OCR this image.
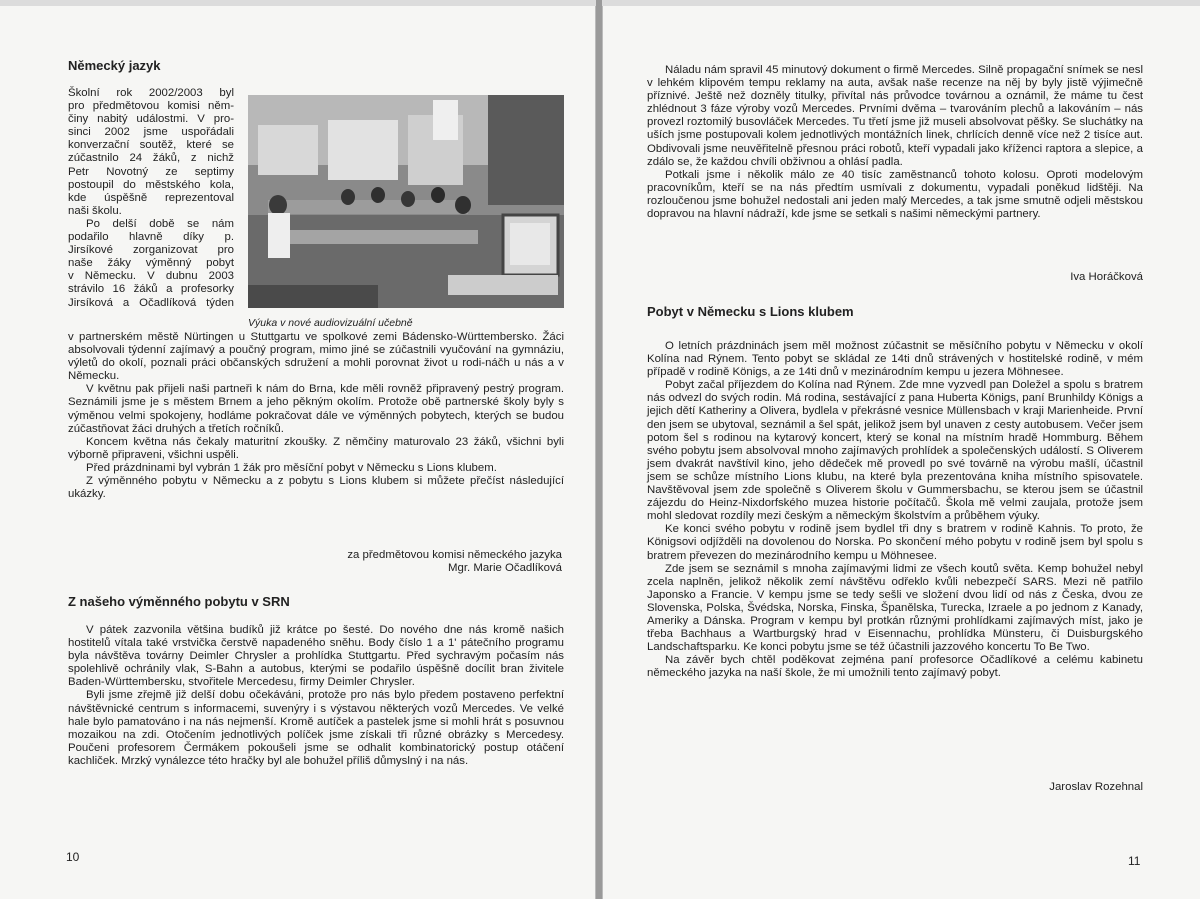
Německý jazyk

Školní rok 2002/2003 byl

pro předmětovou komisi něm-

činy nabitý událostmi. V pro-

sinci 2002 jsme uspořádali

konverzační soutěž, které se

zúčastnilo 24 žáků, z nichž

Petr Novotný ze septimy

postoupil do městského kola,

kde úspěšně reprezentoval

naši školu.

Po delší době se nám

podařilo hlavně díky p.

Jirsíkové zorganizovat pro

naše žáky výměnný pobyt

v Německu. V dubnu 2003

strávilo 16 žáků a profesorky

Jirsíková a Očadlíková týden

Výuka v nové audiovizuální učebně

v partnerském městě Nürtingen u Stuttgartu ve spolkové zemi Bádensko-Württembersko. Žáci absolvovali týdenní zajímavý a poučný program, mimo jiné se zúčastnili vyučování na gymnáziu, výletů do okolí, poznali práci občanských sdružení a mohli porovnat život u rodi-náčh u nás a v Německu.

V květnu pak přijeli naši partneři k nám do Brna, kde měli rovněž připravený pestrý program. Seznámili jsme je s městem Brnem a jeho pěkným okolím. Protože obě partnerské školy byly s výměnou velmi spokojeny, hodláme pokračovat dále ve výměnných pobytech, kterých se budou zúčastňovat žáci druhých a třetích ročníků.

Koncem května nás čekaly maturitní zkoušky. Z němčiny maturovalo 23 žáků, všichni byli výborně připraveni, všichni uspěli.

Před prázdninami byl vybrán 1 žák pro měsíční pobyt v Německu s Lions klubem.

Z výměnného pobytu v Německu a z pobytu s Lions klubem si můžete přečíst následující ukázky.

za předmětovou komisi německého jazyka
Mgr. Marie Očadlíková
Z našeho výměnného pobytu v SRN

V pátek zazvonila většina budíků již krátce po šesté. Do nového dne nás kromě našich hostitelů vítala také vrstvička čerstvě napadeného sněhu. Body číslo 1 a 1' pátečního programu byla návštěva továrny Deimler Chrysler a prohlídka Stuttgartu. Před sychravým počasím nás spolehlivě ochránily vlak, S-Bahn a autobus, kterými se podařilo úspěšně docílit bran živitele Baden-Württembersku, stvořitele Mercedesu, firmy Deimler Chrysler.

Byli jsme zřejmě již delší dobu očekáváni, protože pro nás bylo předem postaveno perfektní návštěvnické centrum s informacemi, suvenýry i s výstavou některých vozů Mercedes. Ve velké hale bylo pamatováno i na nás nejmenší. Kromě autíček a pastelek jsme si mohli hrát s posuvnou mozaikou na zdi. Otočením jednotlivých políček jsme získali tři různé obrázky s Mercedesy. Poučeni profesorem Čermákem pokoušeli jsme se odhalit kombinatorický postup otáčení kachliček. Mrzký vynálezce této hračky byl ale bohužel příliš důmyslný i na nás.

10

Náladu nám spravil 45 minutový dokument o firmě Mercedes. Silně propagační snímek se nesl v lehkém klipovém tempu reklamy na auta, avšak naše recenze na něj by byly jistě výjimečně příznivé. Ještě než dozněly titulky, přivítal nás průvodce továrnou a oznámil, že máme tu čest zhlédnout 3 fáze výroby vozů Mercedes. Prvními dvěma – tvarováním plechů a lakováním – nás provezl roztomilý busovláček Mercedes. Tu třetí jsme již museli absolvovat pěšky. Se sluchátky na uších jsme postupovali kolem jednotlivých montážních linek, chrlících denně více než 2 tisíce aut. Obdivovali jsme neuvěřitelně přesnou práci robotů, kteří vypadali jako kříženci raptora a slepice, a zdálo se, že každou chvíli obživnou a ohlásí padla.

Potkali jsme i několik málo ze 40 tisíc zaměstnanců tohoto kolosu. Oproti modelovým pracovníkům, kteří se na nás předtím usmívali z dokumentu, vypadali poněkud lidštěji. Na rozloučenou jsme bohužel nedostali ani jeden malý Mercedes, a tak jsme smutně odjeli městskou dopravou na hlavní nádraží, kde jsme se setkali s našimi německými partnery.

Iva Horáčková
Pobyt v Německu s Lions klubem

O letních prázdninách jsem měl možnost zúčastnit se měsíčního pobytu v Německu v okolí Kolína nad Rýnem. Tento pobyt se skládal ze 14ti dnů strávených v hostitelské rodině, v mém případě v rodině Königs, a ze 14ti dnů v mezinárodním kempu u jezera Möhnesee.

Pobyt začal příjezdem do Kolína nad Rýnem. Zde mne vyzvedl pan Doležel a spolu s bratrem nás odvezl do svých rodin. Má rodina, sestávající z pana Huberta Königs, paní Brunhildy Königs a jejich dětí Katheriny a Olivera, bydlela v překrásné vesnice Müllensbach v kraji Marienheide. První den jsem se ubytoval, seznámil a šel spát, jelikož jsem byl unaven z cesty autobusem. Večer jsem potom šel s rodinou na kytarový koncert, který se konal na místním hradě Hommburg. Během svého pobytu jsem absolvoval mnoho zajímavých prohlídek a společenských událostí. S Oliverem jsem dvakrát navštívil kino, jeho dědeček mě provedl po své továrně na výrobu mašlí, účastnil jsem se schůze místního Lions klubu, na které byla prezentována kniha místního spisovatele. Navštěvoval jsem zde společně s Oliverem školu v Gummersbachu, se kterou jsem se účastnil zájezdu do Heinz-Nixdorfského muzea historie počítačů. Škola mě velmi zaujala, protože jsem mohl sledovat rozdíly mezi českým a německým školstvím a průběhem výuky.

Ke konci svého pobytu v rodině jsem bydlel tři dny s bratrem v rodině Kahnis. To proto, že Königsovi odjížděli na dovolenou do Norska. Po skončení mého pobytu v rodině jsem byl spolu s bratrem převezen do mezinárodního kempu u Möhnesee.

Zde jsem se seznámil s mnoha zajímavými lidmi ze všech koutů světa. Kemp bohužel nebyl zcela naplněn, jelikož několik zemí návštěvu odřeklo kvůli nebezpečí SARS. Mezi ně patřilo Japonsko a Francie. V kempu jsme se tedy sešli ve složení dvou lidí od nás z Česka, dvou ze Slovenska, Polska, Švédska, Norska, Finska, Španělska, Turecka, Izraele a po jednom z Kanady, Ameriky a Dánska. Program v kempu byl protkán různými prohlídkami zajímavých míst, jako je třeba Bachhaus a Wartburgský hrad v Eisennachu, prohlídka Münsteru, či Duisburgského Landschaftsparku. Ke konci pobytu jsme se též účastnili jazzového koncertu To Be Two.

Na závěr bych chtěl poděkovat zejména paní profesorce Očadlíkové a celému kabinetu německého jazyka na naší škole, že mi umožnili tento zajímavý pobyt.

Jaroslav Rozehnal
11
